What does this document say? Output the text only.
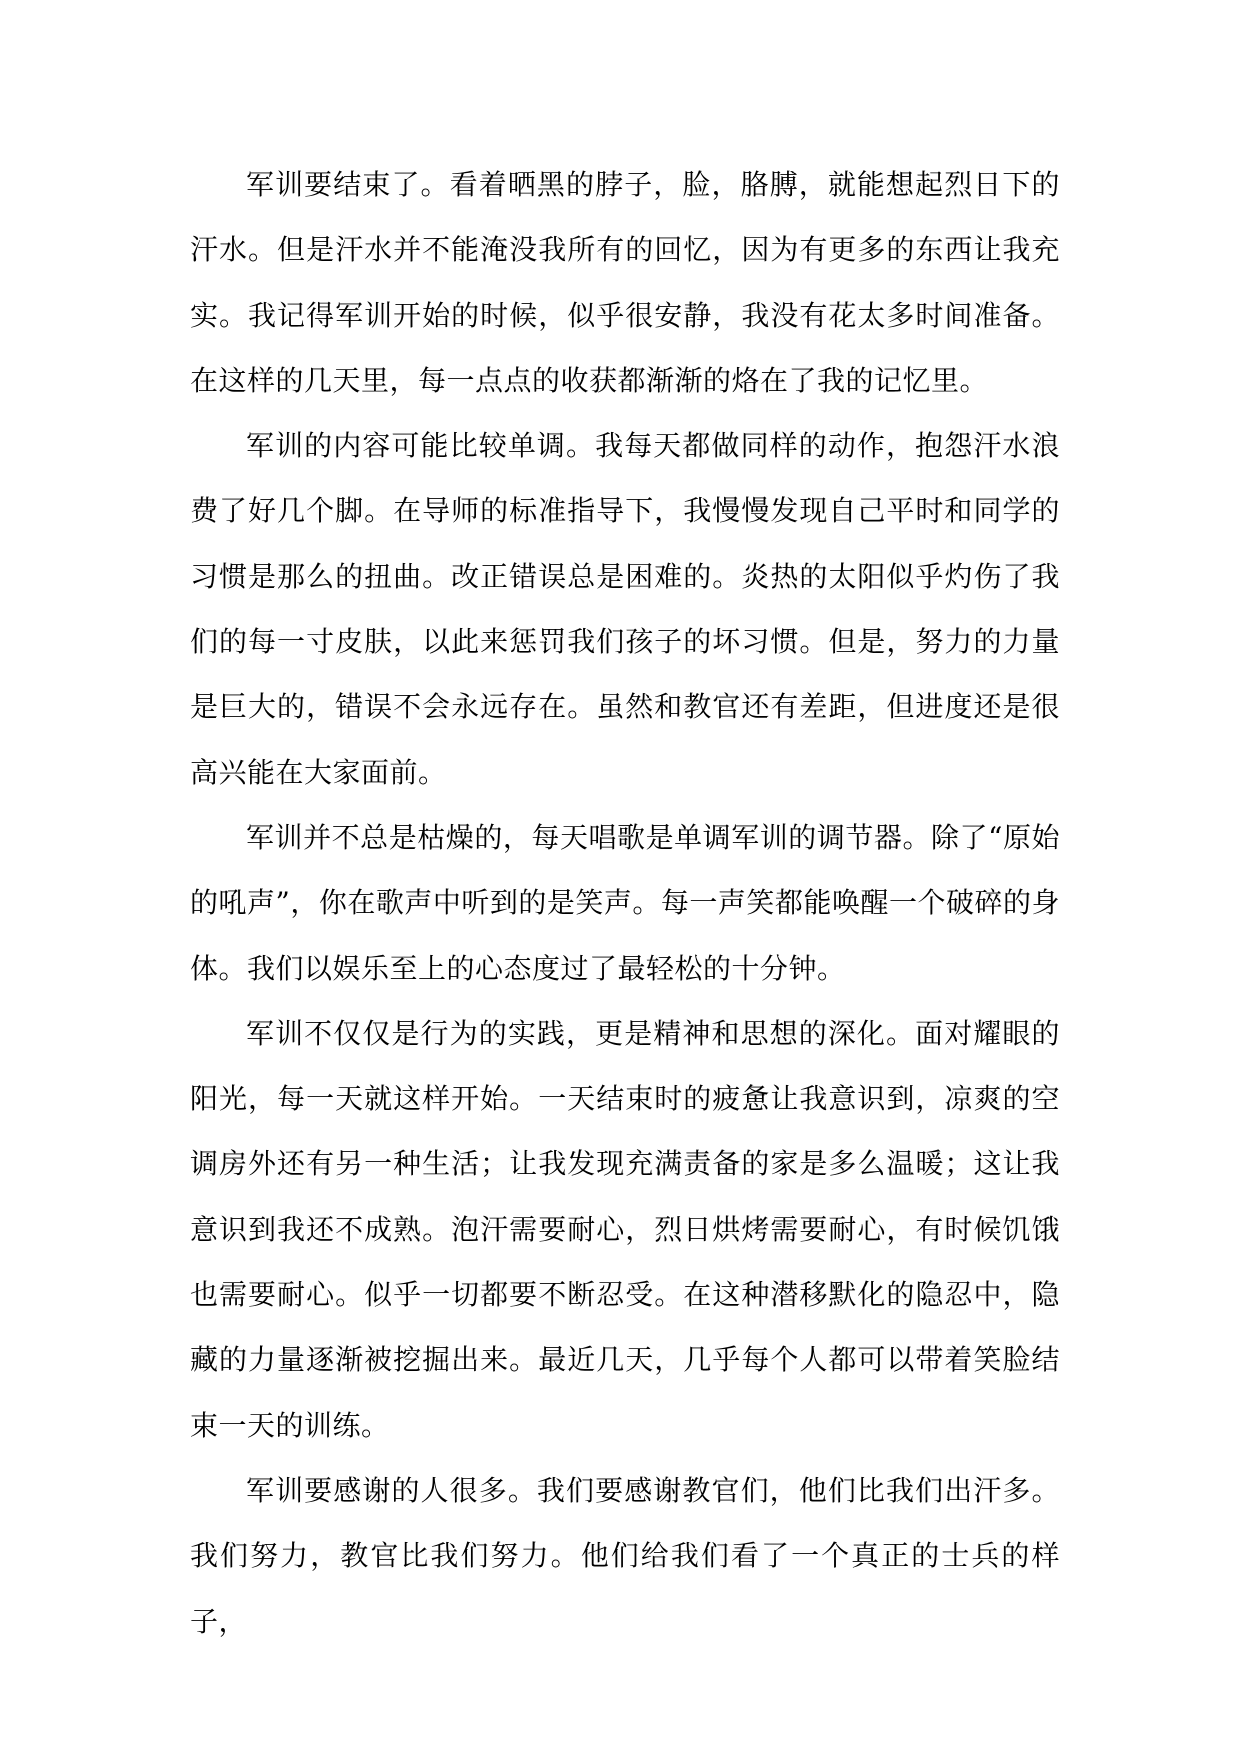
军训要结束了。看着晒黑的脖子，脸，胳膊，就能想起烈日下的汗水。但是汗水并不能淹没我所有的回忆，因为有更多的东西让我充实。我记得军训开始的时候，似乎很安静，我没有花太多时间准备。在这样的几天里，每一点点的收获都渐渐的烙在了我的记忆里。

军训的内容可能比较单调。我每天都做同样的动作，抱怨汗水浪费了好几个脚。在导师的标准指导下，我慢慢发现自己平时和同学的习惯是那么的扭曲。改正错误总是困难的。炎热的太阳似乎灼伤了我们的每一寸皮肤，以此来惩罚我们孩子的坏习惯。但是，努力的力量是巨大的，错误不会永远存在。虽然和教官还有差距，但进度还是很高兴能在大家面前。

军训并不总是枯燥的，每天唱歌是单调军训的调节器。除了“原始的吼声”，你在歌声中听到的是笑声。每一声笑都能唤醒一个破碎的身体。我们以娱乐至上的心态度过了最轻松的十分钟。

军训不仅仅是行为的实践，更是精神和思想的深化。面对耀眼的阳光，每一天就这样开始。一天结束时的疲惫让我意识到，凉爽的空调房外还有另一种生活；让我发现充满责备的家是多么温暖；这让我意识到我还不成熟。泡汗需要耐心，烈日烘烤需要耐心，有时候饥饿也需要耐心。似乎一切都要不断忍受。在这种潜移默化的隐忍中，隐藏的力量逐渐被挖掘出来。最近几天，几乎每个人都可以带着笑脸结束一天的训练。

军训要感谢的人很多。我们要感谢教官们，他们比我们出汗多。我们努力，教官比我们努力。他们给我们看了一个真正的士兵的样子，
